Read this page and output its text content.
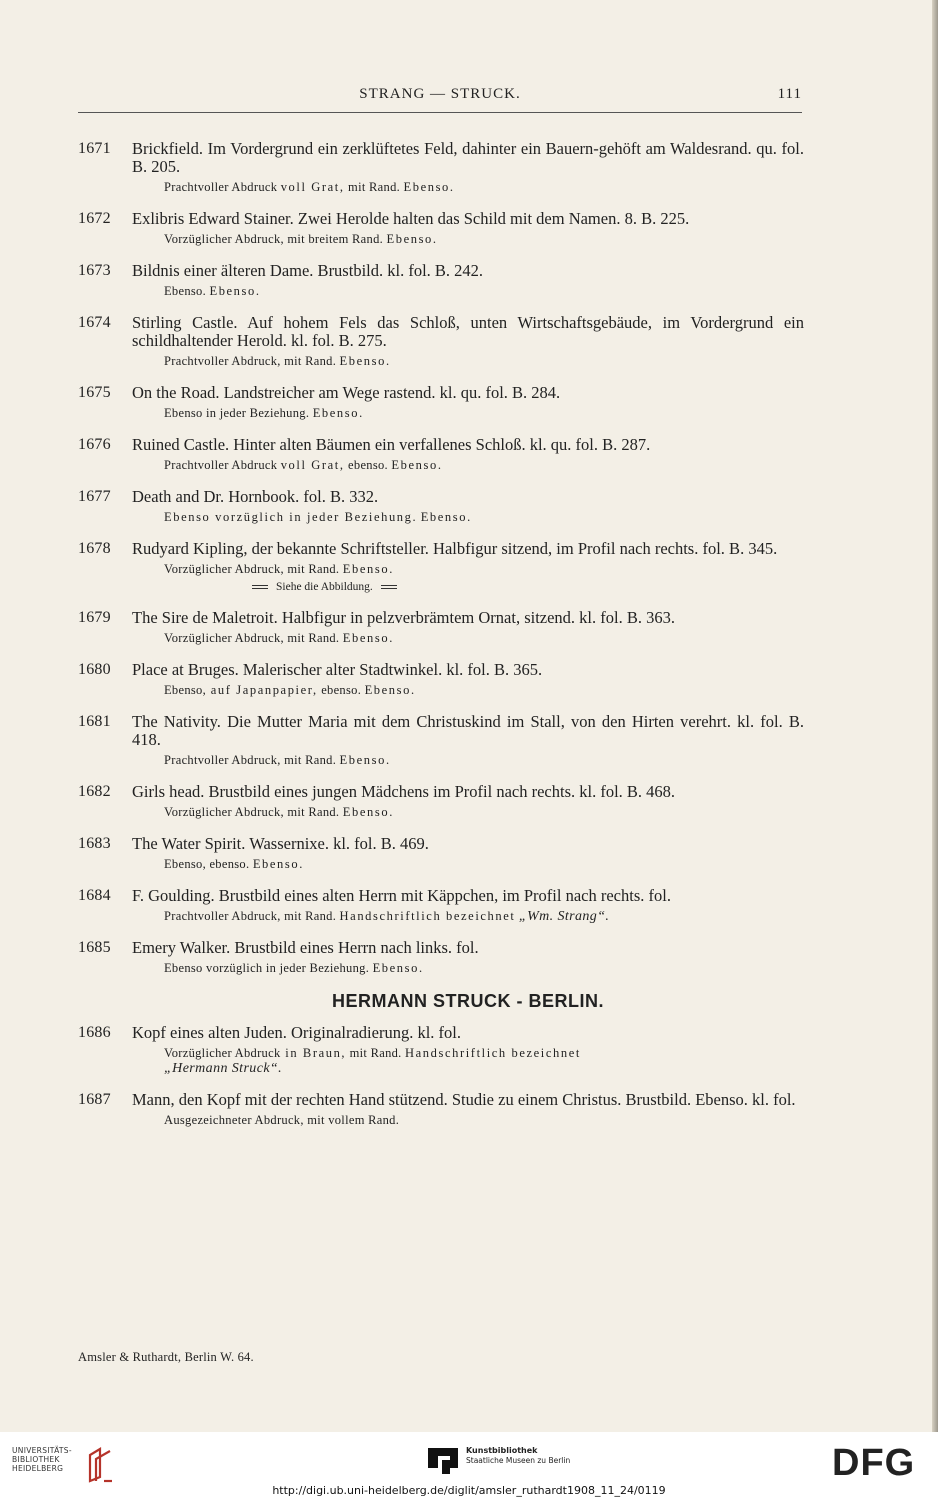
STRANG — STRUCK.	111
1671	Brickfield. Im Vordergrund ein zerklüftetes Feld, dahinter ein Bauern-gehöft am Waldesrand. qu. fol. B. 205.
Prachtvoller Abdruck voll Grat, mit Rand. Ebenso.
1672	Exlibris Edward Stainer. Zwei Herolde halten das Schild mit dem Namen. 8. B. 225.
Vorzüglicher Abdruck, mit breitem Rand. Ebenso.
1673	Bildnis einer älteren Dame. Brustbild. kl. fol. B. 242.
Ebenso. Ebenso.
1674	Stirling Castle. Auf hohem Fels das Schloß, unten Wirtschaftsgebäude, im Vordergrund ein schildhaltender Herold. kl. fol. B. 275.
Prachtvoller Abdruck, mit Rand. Ebenso.
1675	On the Road. Landstreicher am Wege rastend. kl. qu. fol. B. 284.
Ebenso in jeder Beziehung. Ebenso.
1676	Ruined Castle. Hinter alten Bäumen ein verfallenes Schloß. kl. qu. fol. B. 287.
Prachtvoller Abdruck voll Grat, ebenso. Ebenso.
1677	Death and Dr. Hornbook. fol. B. 332.
Ebenso vorzüglich in jeder Beziehung. Ebenso.
1678	Rudyard Kipling, der bekannte Schriftsteller. Halbfigur sitzend, im Profil nach rechts. fol. B. 345.
Vorzüglicher Abdruck, mit Rand. Ebenso.
Siehe die Abbildung.
1679	The Sire de Maletroit. Halbfigur in pelzverbrämtem Ornat, sitzend. kl. fol. B. 363.
Vorzüglicher Abdruck, mit Rand. Ebenso.
1680	Place at Bruges. Malerischer alter Stadtwinkel. kl. fol. B. 365.
Ebenso, auf Japanpapier, ebenso. Ebenso.
1681	The Nativity. Die Mutter Maria mit dem Christuskind im Stall, von den Hirten verehrt. kl. fol. B. 418.
Prachtvoller Abdruck, mit Rand. Ebenso.
1682	Girls head. Brustbild eines jungen Mädchens im Profil nach rechts. kl. fol. B. 468.
Vorzüglicher Abdruck, mit Rand. Ebenso.
1683	The Water Spirit. Wassernixe. kl. fol. B. 469.
Ebenso, ebenso. Ebenso.
1684	F. Goulding. Brustbild eines alten Herrn mit Käppchen, im Profil nach rechts. fol.
Prachtvoller Abdruck, mit Rand. Handschriftlich bezeichnet „Wm. Strang“.
1685	Emery Walker. Brustbild eines Herrn nach links. fol.
Ebenso vorzüglich in jeder Beziehung. Ebenso.
HERMANN STRUCK - BERLIN.
1686	Kopf eines alten Juden. Originalradierung. kl. fol.
Vorzüglicher Abdruck in Braun, mit Rand. Handschriftlich bezeichnet
„Hermann Struck“.
1687	Mann, den Kopf mit der rechten Hand stützend. Studie zu einem Christus. Brustbild. Ebenso. kl. fol.
Ausgezeichneter Abdruck, mit vollem Rand.
Amsler & Ruthardt, Berlin W. 64.
UNIVERSITÄTS-
BIBLIOTHEK
HEIDELBERG
Kunstbibliothek
Staatliche Museen zu Berlin	DFG
http://digi.ub.uni-heidelberg.de/diglit/amsler_ruthardt1908_11_24/0119
